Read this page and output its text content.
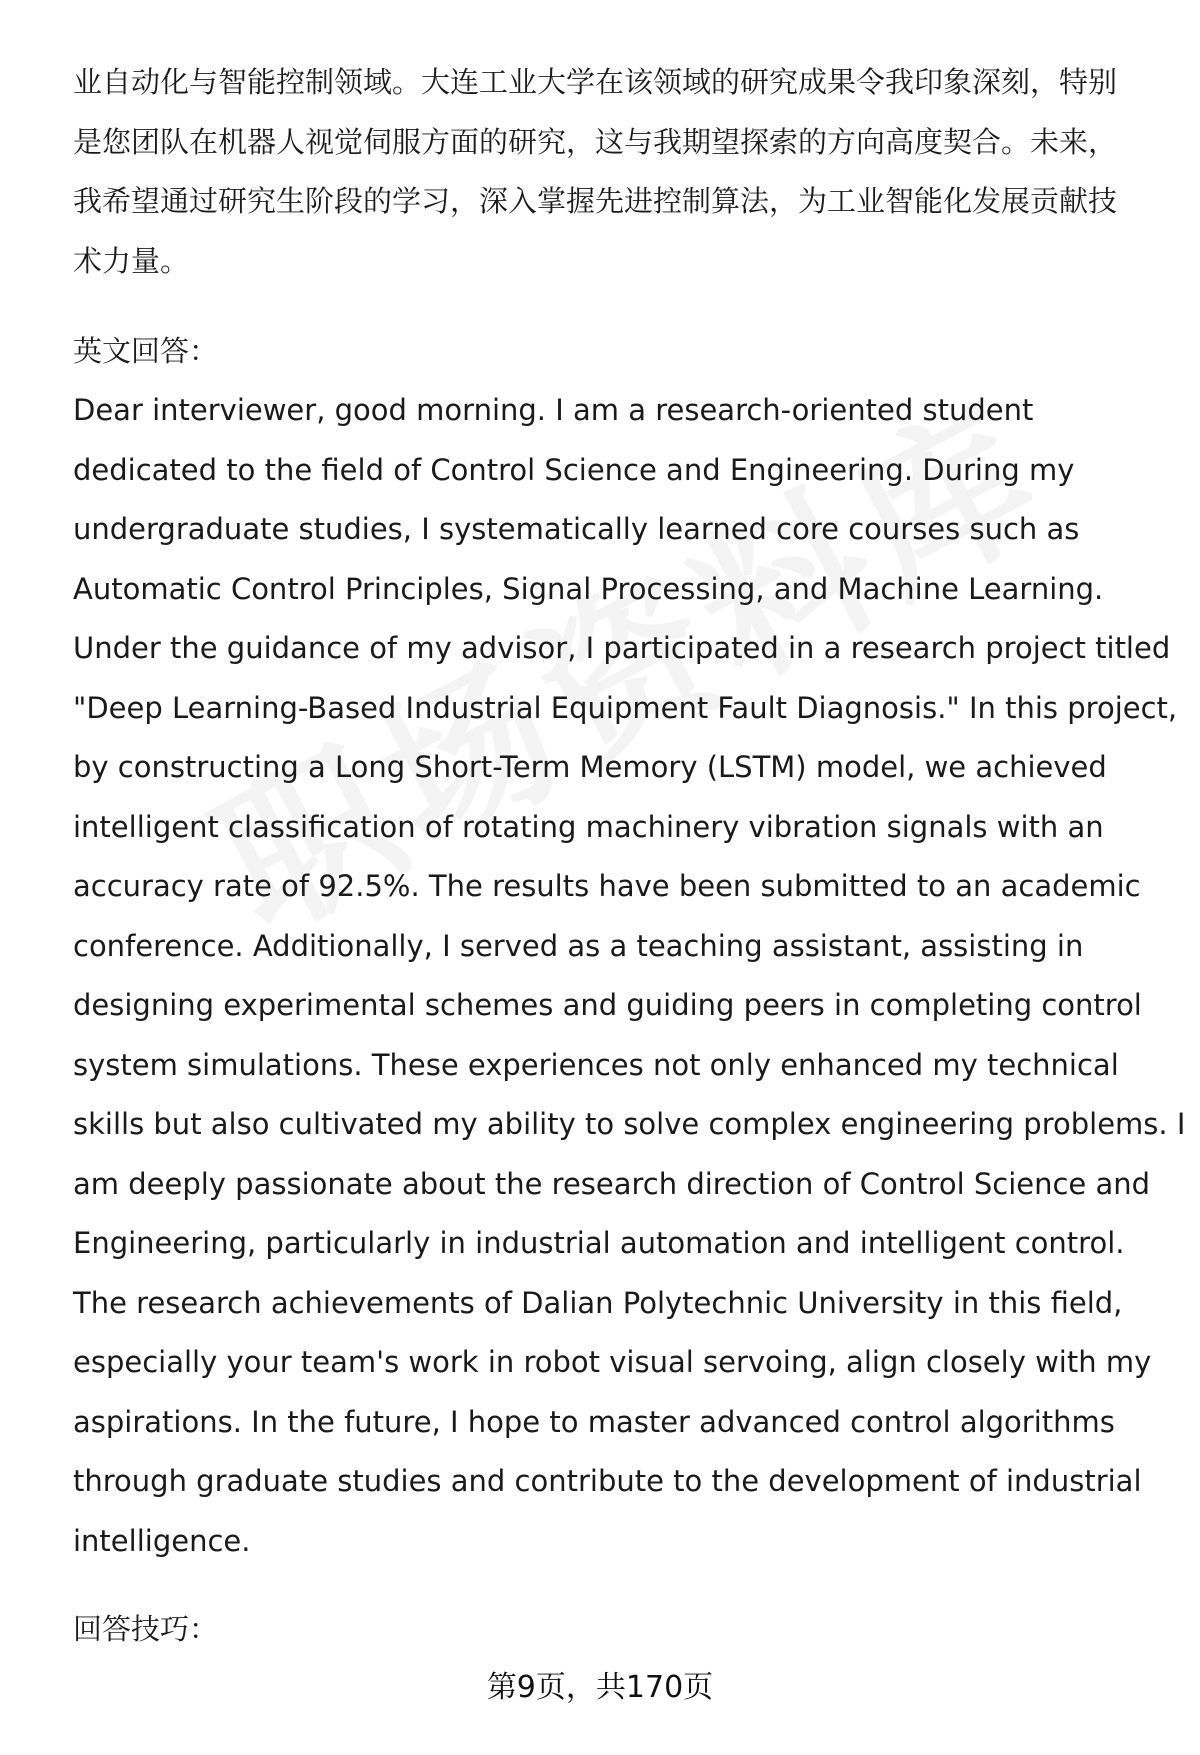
业自动化与智能控制领域。大连工业大学在该领域的研究成果令我印象深刻，特别
是您团队在机器人视觉伺服方面的研究，这与我期望探索的方向高度契合。未来，
我希望通过研究生阶段的学习，深入掌握先进控制算法，为工业智能化发展贡献技
术力量。
英文回答：
Dear interviewer, good morning. I am a research-oriented student
dedicated to the field of Control Science and Engineering. During my
undergraduate studies, I systematically learned core courses such as
Automatic Control Principles, Signal Processing, and Machine Learning.
Under the guidance of my advisor, I participated in a research project titled
"Deep Learning-Based Industrial Equipment Fault Diagnosis." In this project,
by constructing a Long Short-Term Memory (LSTM) model, we achieved
intelligent classification of rotating machinery vibration signals with an
accuracy rate of 92.5%. The results have been submitted to an academic
conference. Additionally, I served as a teaching assistant, assisting in
designing experimental schemes and guiding peers in completing control
system simulations. These experiences not only enhanced my technical
skills but also cultivated my ability to solve complex engineering problems. I
am deeply passionate about the research direction of Control Science and
Engineering, particularly in industrial automation and intelligent control.
The research achievements of Dalian Polytechnic University in this field,
especially your team's work in robot visual servoing, align closely with my
aspirations. In the future, I hope to master advanced control algorithms
through graduate studies and contribute to the development of industrial
intelligence.
回答技巧：
第9页，共170页
